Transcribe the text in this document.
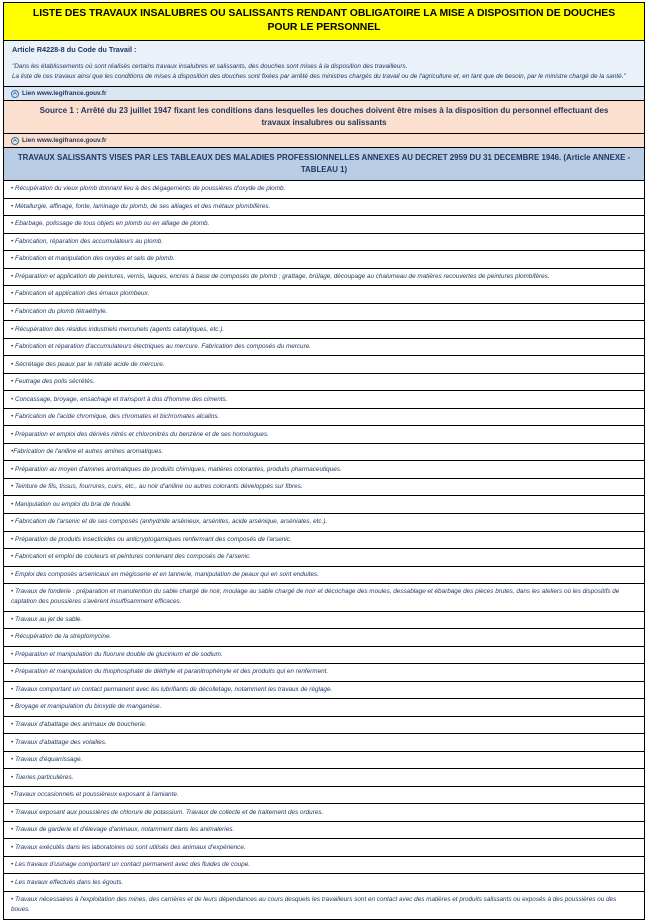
LISTE DES TRAVAUX INSALUBRES OU SALISSANTS RENDANT OBLIGATOIRE LA MISE A DISPOSITION DE DOUCHES POUR LE PERSONNEL
Article R4228-8 du Code du Travail :

"Dans les établissements où sont réalisés certains travaux insalubres et salissants, des douches sont mises à la disposition des travailleurs.

La liste de ces travaux ainsi que les conditions de mises à disposition des douches sont fixées par arrêté des ministres chargés du travail ou de l'agriculture et, en tant que de besoin, par le ministre chargé de la santé."

Lien www.legifrance.gouv.fr
Source 1 : Arrêté du 23 juillet 1947 fixant les conditions dans lesquelles les douches doivent être mises à la disposition du personnel effectuant des travaux insalubres ou salissants
Lien www.legifrance.gouv.fr
TRAVAUX SALISSANTS VISES PAR LES TABLEAUX DES MALADIES PROFESSIONNELLES ANNEXES AU DECRET 2959 DU 31 DECEMBRE 1946. (Article ANNEXE - TABLEAU 1)
• Récupération du vieux plomb donnant lieu à des dégagements de poussières d'oxyde de plomb.
• Métallurgie, affinage, fonte, laminage du plomb, de ses alliages et des métaux plombifères.
• Ebarbage, polissage de tous objets en plomb ou en alliage de plomb.
• Fabrication, réparation des accumulateurs au plomb.
• Fabrication et manipulation des oxydes et sels de plomb.
• Préparation et application de peintures, vernis, laques, encres à base de composés de plomb ; grattage, brûlage, découpage au chalumeau de matières recouvertes de peintures plombifères.
• Fabrication et application des émaux plombeux.
• Fabrication du plomb tétraéthyle.
• Récupération des résidus industriels mercuriels (agents catalytiques, etc.).
• Fabrication et réparation d'accumulateurs électriques au mercure. Fabrication des composés du mercure.
• Sécrétage des peaux par le nitrate acide de mercure.
• Feutrage des poils sécrétés.
• Concassage, broyage, ensachage et transport à dos d'homme des ciments.
• Fabrication de l'acide chromique, des chromates et bichromates alcalins.
• Préparation et emploi des dérivés nitrés et chloronitrés du benzène et de ses homologues.
•Fabrication de l'aniline et autres amines aromatiques.
• Préparation au moyen d'amines aromatiques de produits chimiques, matières colorantes, produits pharmaceutiques.
• Teinture de fils, tissus, fourrures, cuirs, etc., au noir d'aniline ou autres colorants développés sur fibres.
• Manipulation ou emploi du brai de houille.
• Fabrication de l'arsenic et de ses composés (anhydride arsénieux, arsénites, acide arsénique, arséniates, etc.).
• Préparation de produits insecticides ou anticryptogamiques renfermant des composés de l'arsenic.
• Fabrication et emploi de couleurs et peintures contenant des composés de l'arsenic.
• Emploi des composés arsenicaux en mégisserie et en tannerie, manipulation de peaux qui en sont enduites.
• Travaux de fonderie : préparation et manutention du sable chargé de noir, moulage au sable chargé de noir et décochage des moules, dessablage et ébarbage des pièces brutes, dans les ateliers où les dispositifs de captation des poussières s'avèrent insuffisamment efficaces.
• Travaux au jet de sable.
• Récupération de la streptomycine.
• Préparation et manipulation du fluorure double de glucinium et de sodium.
• Préparation et manipulation du thiophosphate de diéthyle et paranitrophényle et des produits qui en renferment.
• Travaux comportant un contact permanent avec les lubrifiants de décolletage, notamment les travaux de réglage.
• Broyage et manipulation du bioxyde de manganèse.
• Travaux d'abattage des animaux de boucherie.
• Travaux d'abattage des volailles.
• Travaux d'équarrissage.
• Tueries particulières.
•Travaux occasionnels et poussiéreux exposant à l'amiante.
• Travaux exposant aux poussières de chlorure de potassium. Travaux de collecte et de traitement des ordures.
• Travaux de garderie et d'élevage d'animaux, notamment dans les animaleries.
• Travaux exécutés dans les laboratoires où sont utilisés des animaux d'expérience.
• Les travaux d'usinage comportant un contact permanent avec des fluides de coupe.
• Les travaux effectués dans les égouts.
• Travaux nécessaires à l'exploitation des mines, des carrières et de leurs dépendances au cours desquels les travailleurs sont en contact avec des matières et produits salissants ou exposés à des poussières ou des boues.
